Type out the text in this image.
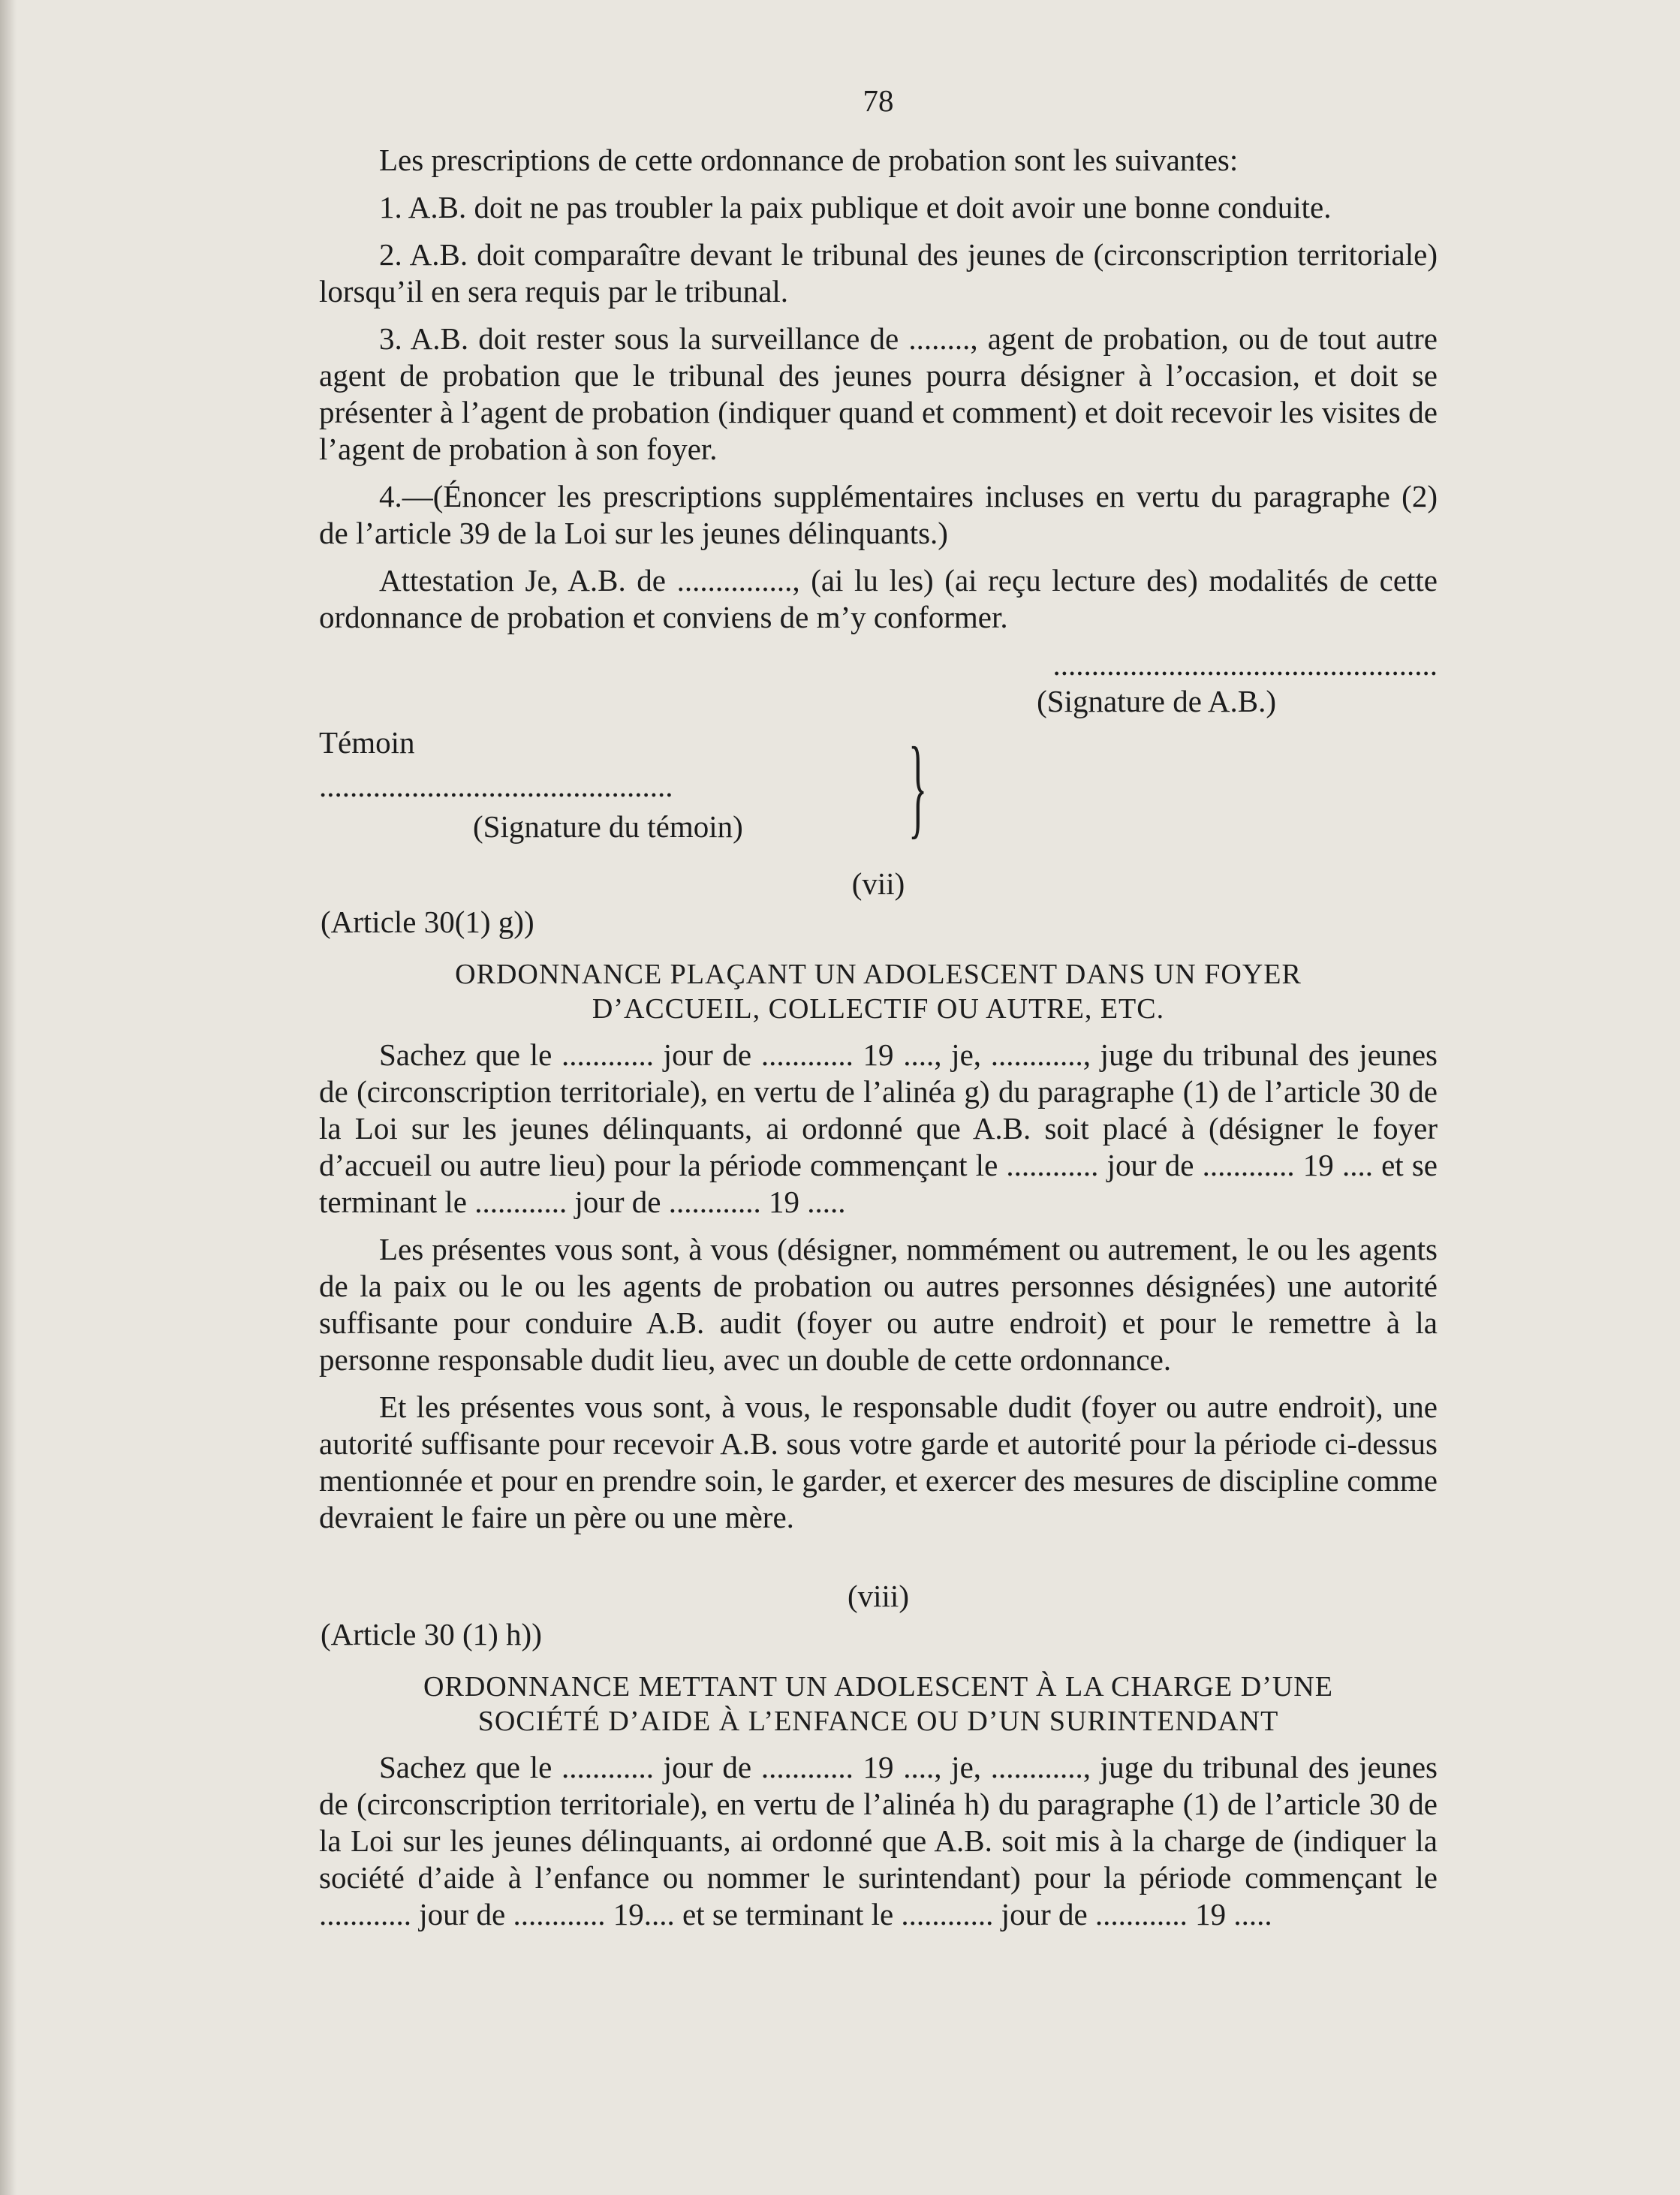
78

Les prescriptions de cette ordonnance de probation sont les suivantes:

1. A.B. doit ne pas troubler la paix publique et doit avoir une bonne conduite.

2. A.B. doit comparaître devant le tribunal des jeunes de (circonscription territoriale) lorsqu’il en sera requis par le tribunal.

3. A.B. doit rester sous la surveillance de ........, agent de probation, ou de tout autre agent de probation que le tribunal des jeunes pourra désigner à l’occasion, et doit se présenter à l’agent de probation (indiquer quand et comment) et doit recevoir les visites de l’agent de probation à son foyer.

4.—(Énoncer les prescriptions supplémentaires incluses en vertu du paragraphe (2) de l’article 39 de la Loi sur les jeunes délinquants.)

Attestation Je, A.B. de ..............., (ai lu les) (ai reçu lecture des) modalités de cette ordonnance de probation et conviens de m’y conformer.

..................................................
(Signature de A.B.)
Témoin
..............................................
(Signature du témoin) }
(vii)
(Article 30(1) g))
ORDONNANCE PLAÇANT UN ADOLESCENT DANS UN FOYER
D’ACCUEIL, COLLECTIF OU AUTRE, ETC.

Sachez que le ............ jour de ............ 19 ...., je, ............, juge du tribunal des jeunes de (circonscription territoriale), en vertu de l’alinéa g) du paragraphe (1) de l’article 30 de la Loi sur les jeunes délinquants, ai ordonné que A.B. soit placé à (désigner le foyer d’accueil ou autre lieu) pour la période commençant le ............ jour de ............ 19 .... et se terminant le ............ jour de ............ 19 .....

Les présentes vous sont, à vous (désigner, nommément ou autrement, le ou les agents de la paix ou le ou les agents de probation ou autres personnes désignées) une autorité suffisante pour conduire A.B. audit (foyer ou autre endroit) et pour le remettre à la personne responsable dudit lieu, avec un double de cette ordonnance.

Et les présentes vous sont, à vous, le responsable dudit (foyer ou autre endroit), une autorité suffisante pour recevoir A.B. sous votre garde et autorité pour la période ci-dessus mentionnée et pour en prendre soin, le garder, et exercer des mesures de discipline comme devraient le faire un père ou une mère.

(viii)
(Article 30 (1) h))
ORDONNANCE METTANT UN ADOLESCENT À LA CHARGE D’UNE
SOCIÉTÉ D’AIDE À L’ENFANCE OU D’UN SURINTENDANT

Sachez que le ............ jour de ............ 19 ...., je, ............, juge du tribunal des jeunes de (circonscription territoriale), en vertu de l’alinéa h) du paragraphe (1) de l’article 30 de la Loi sur les jeunes délinquants, ai ordonné que A.B. soit mis à la charge de (indiquer la société d’aide à l’enfance ou nommer le surintendant) pour la période commençant le ............ jour de ............ 19.... et se terminant le ............ jour de ............ 19 .....
